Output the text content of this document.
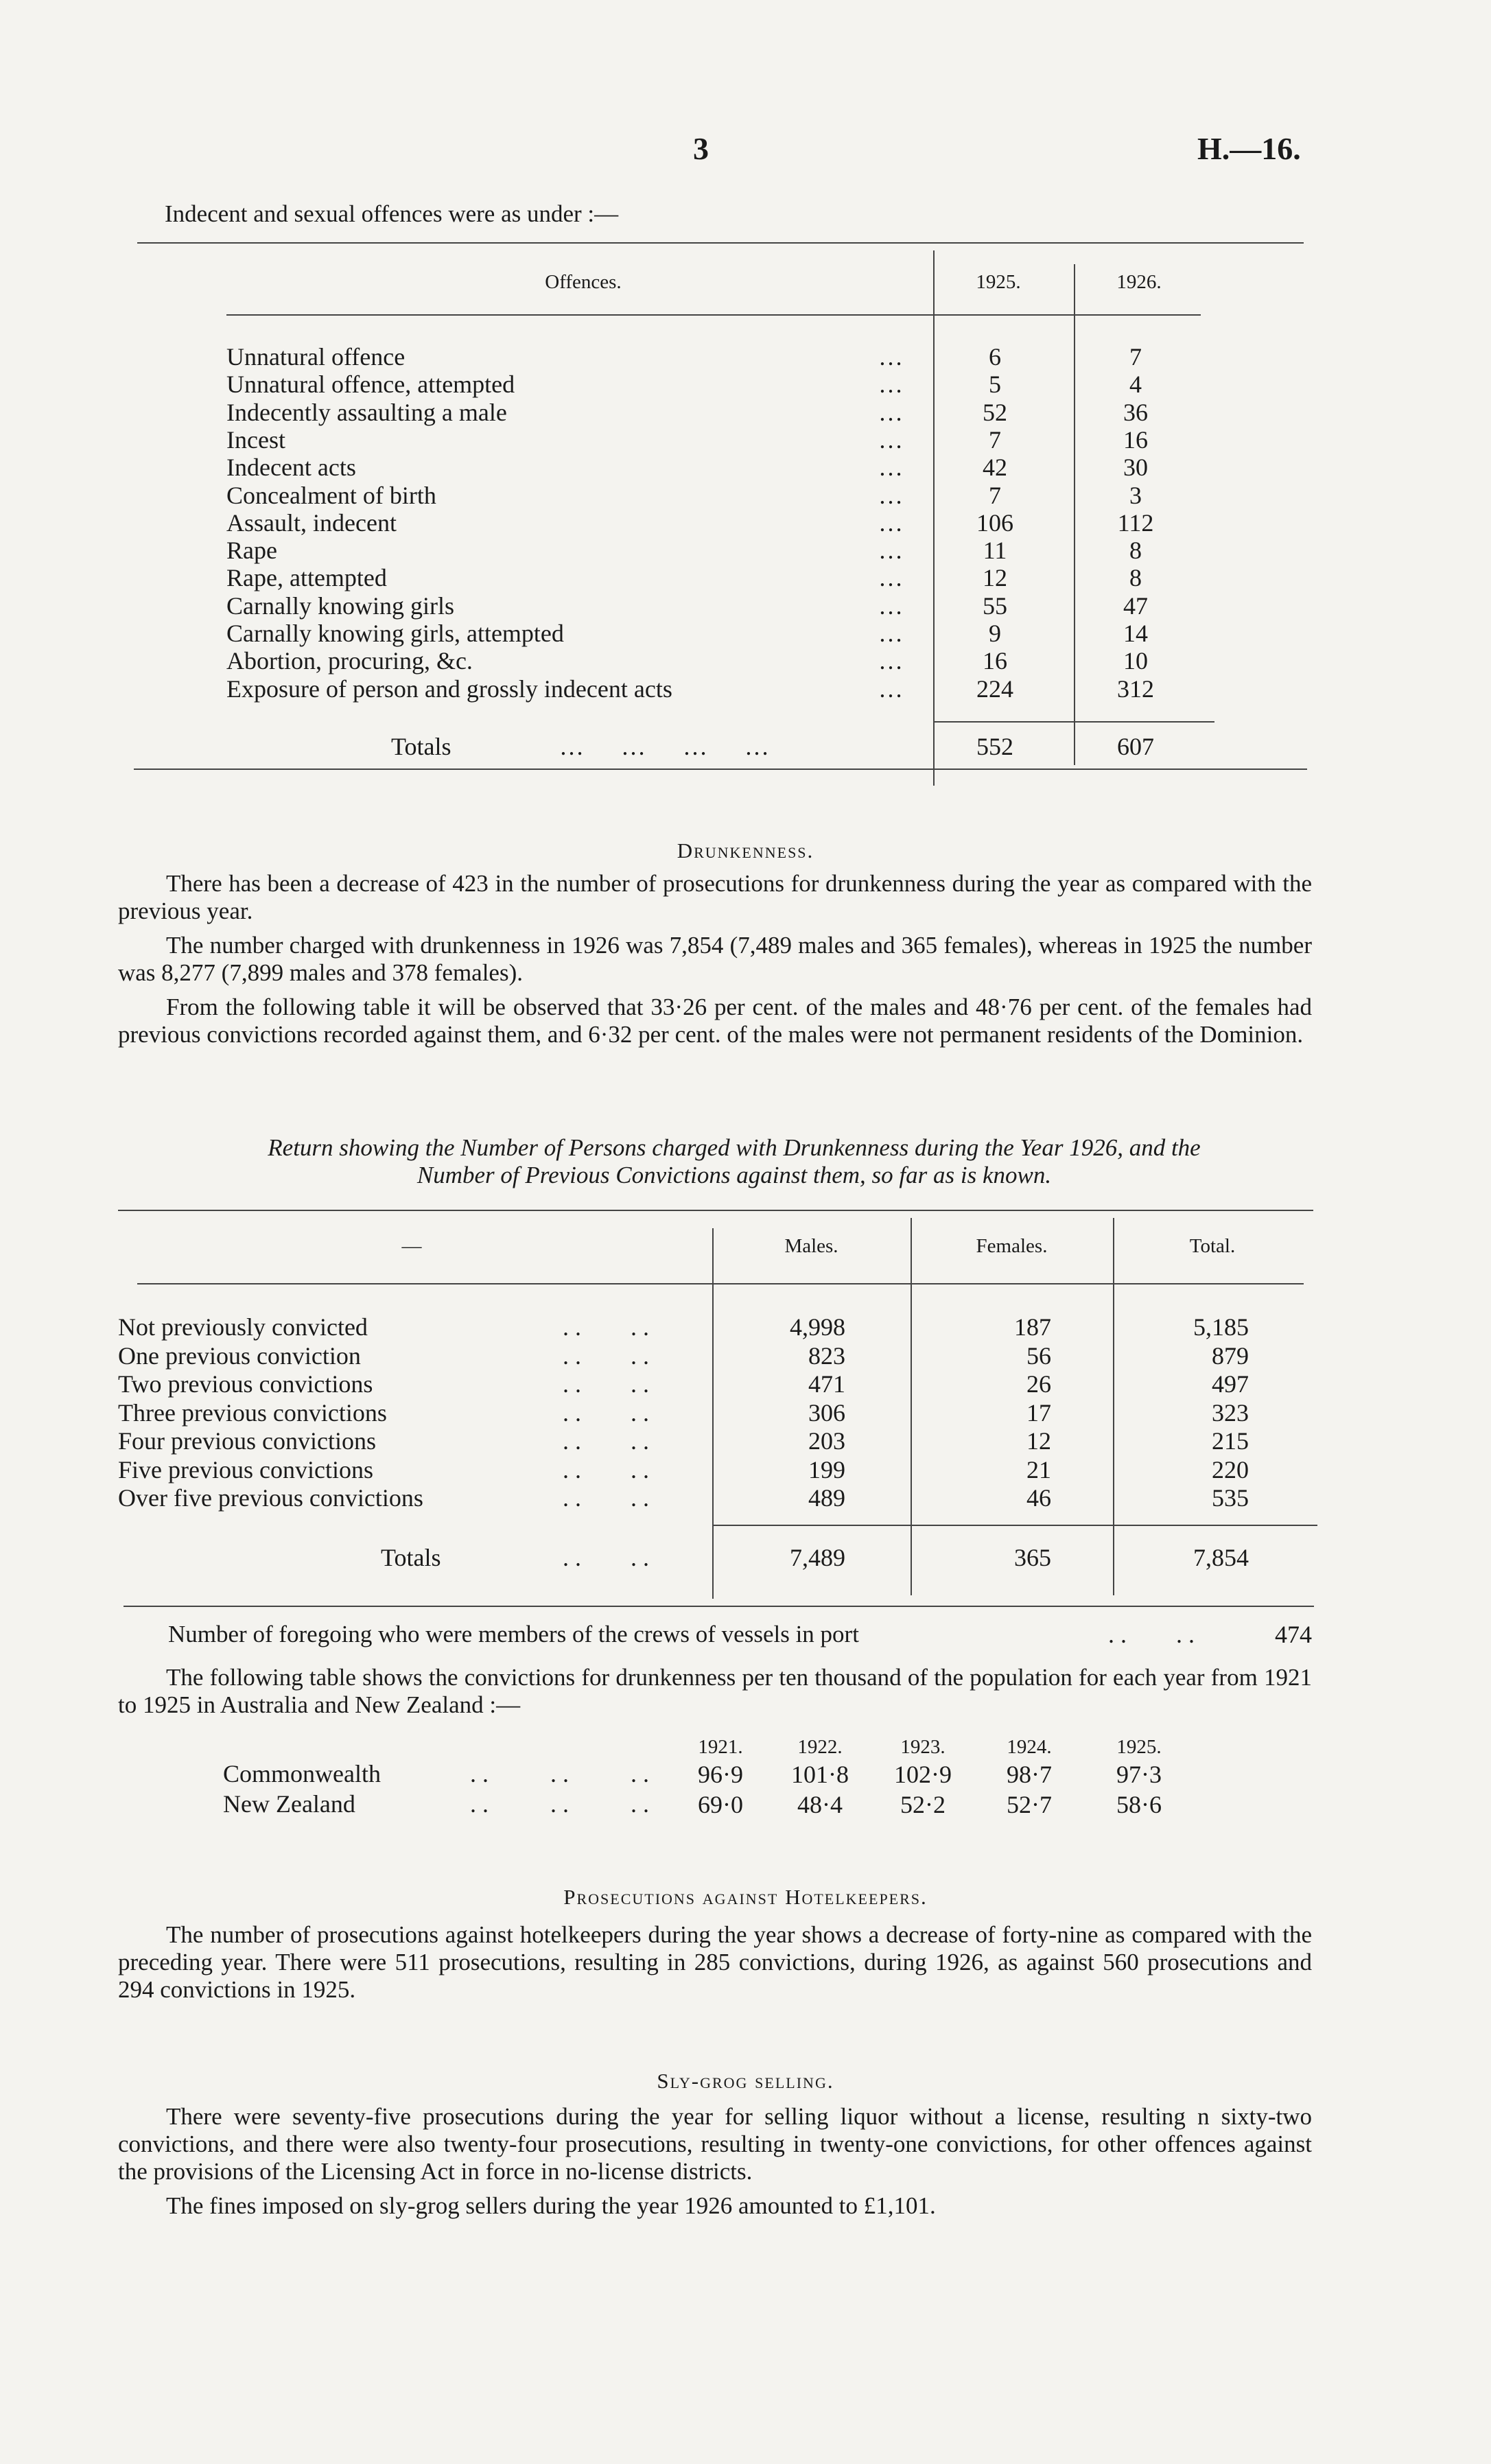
3	H.—16.
Indecent and sexual offences were as under :—
Offences.	1925.	1926.
Unnatural offence	…	6	7
Unnatural offence, attempted	…	5	4
Indecently assaulting a male	…	52	36
Incest	…	7	16
Indecent acts	…	42	30
Concealment of birth	…	7	3
Assault, indecent	…	106	112
Rape	…	11	8
Rape, attempted	…	12	8
Carnally knowing girls	…	55	47
Carnally knowing girls, attempted	…	9	14
Abortion, procuring, &c.	…	16	10
Exposure of person and grossly indecent acts	…	224	312
Totals	…      …      …      …	552	607
Drunkenness.

There has been a decrease of 423 in the number of prosecutions for drunkenness during the year as compared with the previous year.

The number charged with drunkenness in 1926 was 7,854 (7,489 males and 365 females), whereas in 1925 the number was 8,277 (7,899 males and 378 females).

From the following table it will be observed that 33·26 per cent. of the males and 48·76 per cent. of the females had previous convictions recorded against them, and 6·32 per cent. of the males were not permanent residents of the Dominion.

Return showing the Number of Persons charged with Drunkenness during the Year 1926, and the
Number of Previous Convictions against them, so far as is known.
—	Males.	Females.	Total.
Not previously convicted	4,998	187	5,185
. .        . .
One previous conviction	823	56	879
. .        . .
Two previous convictions	471	26	497
. .        . .
Three previous convictions	306	17	323
. .        . .
Four previous convictions	203	12	215
. .        . .
Five previous convictions	199	21	220
. .        . .
Over five previous convictions	489	46	535
. .        . .
Totals	. .        . .	7,489	365	7,854
Number of foregoing who were members of the crews of vessels in port	. .        . .	474

The following table shows the convictions for drunkenness per ten thousand of the population for each year from 1921 to 1925 in Australia and New Zealand :—

1921.	1922.	1923.	1924.	1925.
Commonwealth	. .          . .          . .	96·9	101·8	102·9	98·7	97·3
New Zealand	. .          . .          . .	69·0	48·4	52·2	52·7	58·6
Prosecutions against Hotelkeepers.

The number of prosecutions against hotelkeepers during the year shows a decrease of forty-nine as compared with the preceding year. There were 511 prosecutions, resulting in 285 convictions, during 1926, as against 560 prosecutions and 294 convictions in 1925.

Sly-grog selling.

There were seventy-five prosecutions during the year for selling liquor without a license, resulting n sixty-two convictions, and there were also twenty-four prosecutions, resulting in twenty-one convictions, for other offences against the provisions of the Licensing Act in force in no-license districts.

The fines imposed on sly-grog sellers during the year 1926 amounted to £1,101.
